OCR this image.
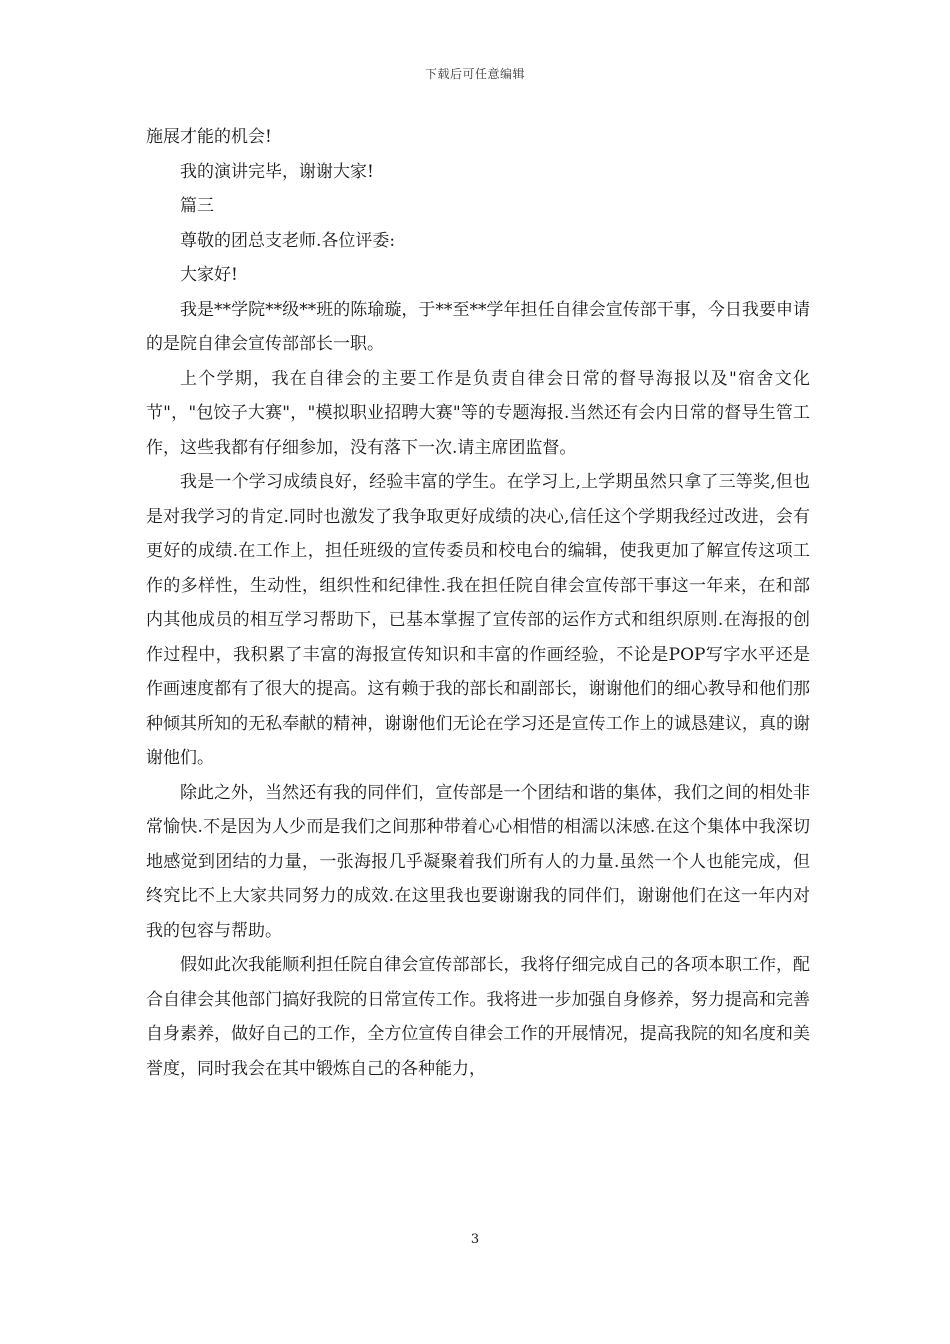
下载后可任意编辑

施展才能的机会!

我的演讲完毕，谢谢大家!

篇三

尊敬的团总支老师.各位评委:

大家好!

我是**学院**级**班的陈瑜璇，于**至**学年担任自律会宣传部干事，今日我要申请的是院自律会宣传部部长一职。

上个学期，我在自律会的主要工作是负责自律会日常的督导海报以及"宿舍文化节"，"包饺子大赛"，"模拟职业招聘大赛"等的专题海报.当然还有会内日常的督导生管工作，这些我都有仔细参加，没有落下一次.请主席团监督。

我是一个学习成绩良好，经验丰富的学生。在学习上,上学期虽然只拿了三等奖,但也是对我学习的肯定.同时也激发了我争取更好成绩的决心,信任这个学期我经过改进，会有更好的成绩.在工作上，担任班级的宣传委员和校电台的编辑，使我更加了解宣传这项工作的多样性，生动性，组织性和纪律性.我在担任院自律会宣传部干事这一年来，在和部内其他成员的相互学习帮助下，已基本掌握了宣传部的运作方式和组织原则.在海报的创作过程中，我积累了丰富的海报宣传知识和丰富的作画经验，不论是POP写字水平还是作画速度都有了很大的提高。这有赖于我的部长和副部长，谢谢他们的细心教导和他们那种倾其所知的无私奉献的精神，谢谢他们无论在学习还是宣传工作上的诚恳建议，真的谢谢他们。

除此之外，当然还有我的同伴们，宣传部是一个团结和谐的集体，我们之间的相处非常愉快.不是因为人少而是我们之间那种带着心心相惜的相濡以沫感.在这个集体中我深切地感觉到团结的力量，一张海报几乎凝聚着我们所有人的力量.虽然一个人也能完成，但终究比不上大家共同努力的成效.在这里我也要谢谢我的同伴们，谢谢他们在这一年内对我的包容与帮助。

假如此次我能顺利担任院自律会宣传部部长，我将仔细完成自己的各项本职工作，配合自律会其他部门搞好我院的日常宣传工作。我将进一步加强自身修养，努力提高和完善自身素养，做好自己的工作，全方位宣传自律会工作的开展情况，提高我院的知名度和美誉度，同时我会在其中锻炼自己的各种能力，

3
